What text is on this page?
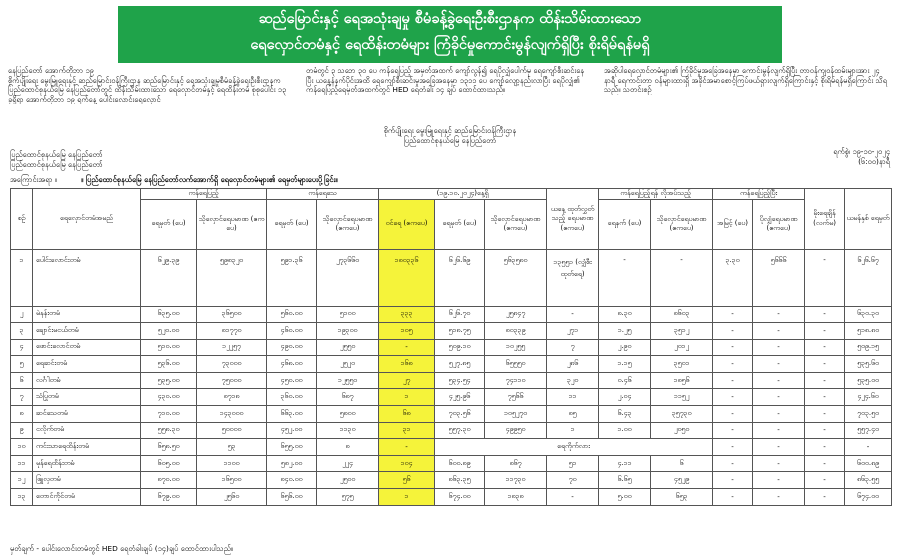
ဆည်မြောင်းနှင့် ရေအသုံးချမှု စီမံခန့်ခွဲရေးဦးစီးဌာနက ထိန်းသိမ်းထားသော
ရေလှောင်တမံနှင့် ရေထိန်းတမံများ ကြံခိုင်မှုကောင်းမွန်လျက်ရှိပြီး စိုးရိမ်ရန်မရှိ

နေပြည်တော် အောက်တိုဘာ ၁၉
စိုက်ပျိုးရေး မွေးမြူရေးနှင့် ဆည်မြောင်းဝန်ကြီးဌာန ဆည်မြောင်းနှင့် ရေအသုံးချမှုစီမံခန့်ခွဲရေးဦးစီးဌာနက ပြည်ထောင်စုနယ်မြေ နေပြည်တော်တွင် ထိန်းသိမ်းထားသော ရေလှောင်တမံနှင့် ရေထိန်းတမံ စုစုပေါင်း ၁၃ ခုရှိရာ အောက်တိုဘာ ၁၉ ရက်နေ့ ပေါင်းလောင်းရေလှောင်

တမံတွင် ၃ သဘေ ၃၀ ပေ ကန်ရေပြည့် အမှတ်အထက် ကျော်လွန်၍ ရေပိုလျှံပေါက်မှ ရေကျော်စီးဆင်းနေပြီး ယနေ့နံနက်ပိုင်းအထိ ရေကျော်စီးဆင်းမှုအခြေအနေမှာ ၁၃၁၁ ပေ ကျော်လျော့နည်းလာပြီး ရေပိုလျှံ၏ ကန်ရေပြည့်ရေမှတ်အထက်တွင် HED ရေတံခါး ၁၄ ချပ် ထောင်ထားသည်။

အဆိုပါရေလှောင်တမံများ၏ ကြံခိုင်မှုအခြေအနေမှာ ကောင်းမွန်လျက်ရှိပြီး တာဝန်ကျဝန်ထမ်းများအား ၂၄ နာရီ ရေကာင်းတာ ဝန်များထားရှိ အခိုင်အမာစောင့်ကြပ်ဖယ်ရှားလျက်ရှိကြောင်းနှင့် စိုးရိမ်ရန်မရှိကြောင်း သိရသည်။ သတင်းစဉ်

စိုက်ပျိုးရေး မွေးမြူရေးနှင့် ဆည်မြောင်းဝန်ကြီးဌာန
ပြည်ထောင်စုနယ်မြေ နေပြည်တော်
ရက်စွဲ၊ ၁၉-၁၀-၂၀၂၄
(၆:၀၀)နာရီ
ပြည်ထောင်စုနယ်မြေ နေပြည်တော်
ပြည်ထောင်စုနယ်မြေ နေပြည်တော်
အကြောင်းအရာ ။	။ ပြည်ထောင်စုနယ်မြေ နေပြည်တော်လက်အောက်ရှိ ရေလှောင်တမံများ၏ ရေမှတ်များပေးပို့ခြင်း။
စဉ်	ရေလှောင်တမံအမည်	ကန်ရေပြည့်		ကန်ရေသေ		(၁၉.၁၀.၂၀၂၄)နေ့ရှိ			ယနေ့ ထုတ်လွှတ်သည့် ရေပမာဏ (ဧကပေ)	ကန်ရေပြည့်ရန် လိုအပ်သည့်		ကန်ရေပြည့်ပြီး		မိုးရေချိန် (လက်မ)	ယမန်နှစ် ရေမှတ်
		ရေမှတ် (ပေ)	သိုလှောင်ရေပမာဏ (ဧကပေ)	ရေမှတ် (ပေ)	သိုလှောင်ရေပမာဏ (ဧကပေ)	ဝင်ရေ (ဧကပေ)	ရေမှတ် (ပေ)	သိုလှောင်ရေပမာဏ (ဧကပေ)		ရေနက် (ပေ)	သိုလှောင်ရေပမာဏ (ဧကပေ)	အမြင့် (ပေ)	ပိုလျှံရေပမာဏ (ဧကပေ)		
၁	ပေါင်းလောင်းတမံ	၆၂၉.၃၉	၅၉၈၃၂၀	၅၉၁.၃၆	၂၇၃၆၆၀	၁၈၀၃၃၆	၆၂၆.၆၉	၅၆၃၅၈၀	၁၃၅၅၁ (လျှံစီး ထုတ်ရေ)	-	-	၃.၃၀	၅၆၆၆	-	၆၂၆.၆၇
၂	မဲနန်းတမံ	၆၃၅.၀၀	၃၆၅၀၀	၅၆၀.၀၀	၅၁၀၀	၃၃၃	၆၂၆.၇၀	၂၅၈၄၇	-	၈.၃၀	၈၆၀၃	-	-	-	၆၃၀.၃၀
၃	ချောင်းမငယ်တမံ	၅၂၀.၀၀	၈၁၇၇၀	၄၆၀.၀၀	၁၉၃၀၀	၁၀၅	၅၁၈.၇၅	၈၀၃၃၉	၂၇၁	၁.၂၅	၃၅၁၂	-	-	-	၅၁၈.၈၀
၄	ဖောင်းလောင်တမံ	၅၁၀.၀၀	၁၂၂၅၇	၄၉၀.၀၀	၂၅၅၀	-	၅၀၉.၁၀	၁၀၂၅၅	၇	၂.၉၀	၂၀၁၂	-	-	-	၅၀၉.၁၅
၅	ရေဆင်းတမံ	၅၃၆.၀၀	၇၃၀၀၀	၄၆၈.၀၀	၂၅၂၀	၁၆၈	၅၂၇.၈၅	၆၅၅၅၀	၂၈၆	၁.၁၅	၃၅၀၁	-	-	-	၅၃၅.၆၀
၆	လင်္ဂါတမံ	၅၃၅.၀၀	၇၅၀၀၀	၄၅၀.၀၀	၁၂၅၅၀	၂၇	၅၃၄.၅၄	၇၄၁၁၀	၃၂၀	၀.၄၆	၁၈၅၆	-	-	-	၅၃၅.၀၀
၇	သံပြုတမံ	၄၃၀.၀၀	၈၇၁၈	၃၆၀.၀၀	၆၈၇	၁	၄၂၅.၉၆	၇၅၆၆	၁၁	၂.၀၄	၁၁၅၂	-	-	-	၄၂၄.၆၀
၈	ဆင်သေတမံ	၇၁၀.၀၀	၁၄၃၀၀၀	၆၆၃.၀၀	၅၈၀၀	၆၈	၇၀၃.၅၆	၁၀၅၂၇၀	၈၅	၆.၄၃	၃၅၇၃၀	-	-	-	၇၀၃.၅၀
၉	ငလိုက်တမံ	၅၅၈.၃၀	၅၀၀၀၀	၄၅၂.၀၀	၁၁၃၀	၃၁	၅၅၇.၃၀	၄၉၉၅၀	၁	၁.၀၀	၂၀၅၀	-	-	-	၅၅၇.၄၀
၁၀	ကင်းသာရေထိန်းတမံ	၆၅၈.၅၀	၅၃	၆၅၅.၀၀	၈	-	ရေကိုက်လား					-	-	-	-
၁၁	မုန်ရေထိန်းတမံ	၆၀၅.၀၀	၁၁၀၀	၅၈၂.၀၀	၂၂၄	၁၀၄	၆၀၀.၈၉	၈၆၇	၅၁	၄.၁၁	၆	-	-	-	၆၀၀.၈၉
၁၂	ဖြူလှတမံ	၈၇၀.၀၀	၁၆၅၀၀	၈၄၀.၀၀	၂၅၀၀	၅၆	၈၆၃.၃၅	၁၁၇၃၀	၇၀	၆.၆၅	၄၅၂၉	-	-	-	၈၆၃.၅၅
၁၃	တောင်ကိုင်တမံ	၆၇၉.၀၀	၂၅၆၀	၆၅၆.၀၀	၅၇၅	၁	၆၇၄.၀၀	၁၈၃၈	-	၅.၀၀	၆၅၃	-	-	-	၆၇၄.၀၀
မှတ်ချက် - ပေါင်းလောင်းတမံတွင် HED ရေတံခါးချပ် (၁၄)ချပ် ထောင်ထားပါသည်။
